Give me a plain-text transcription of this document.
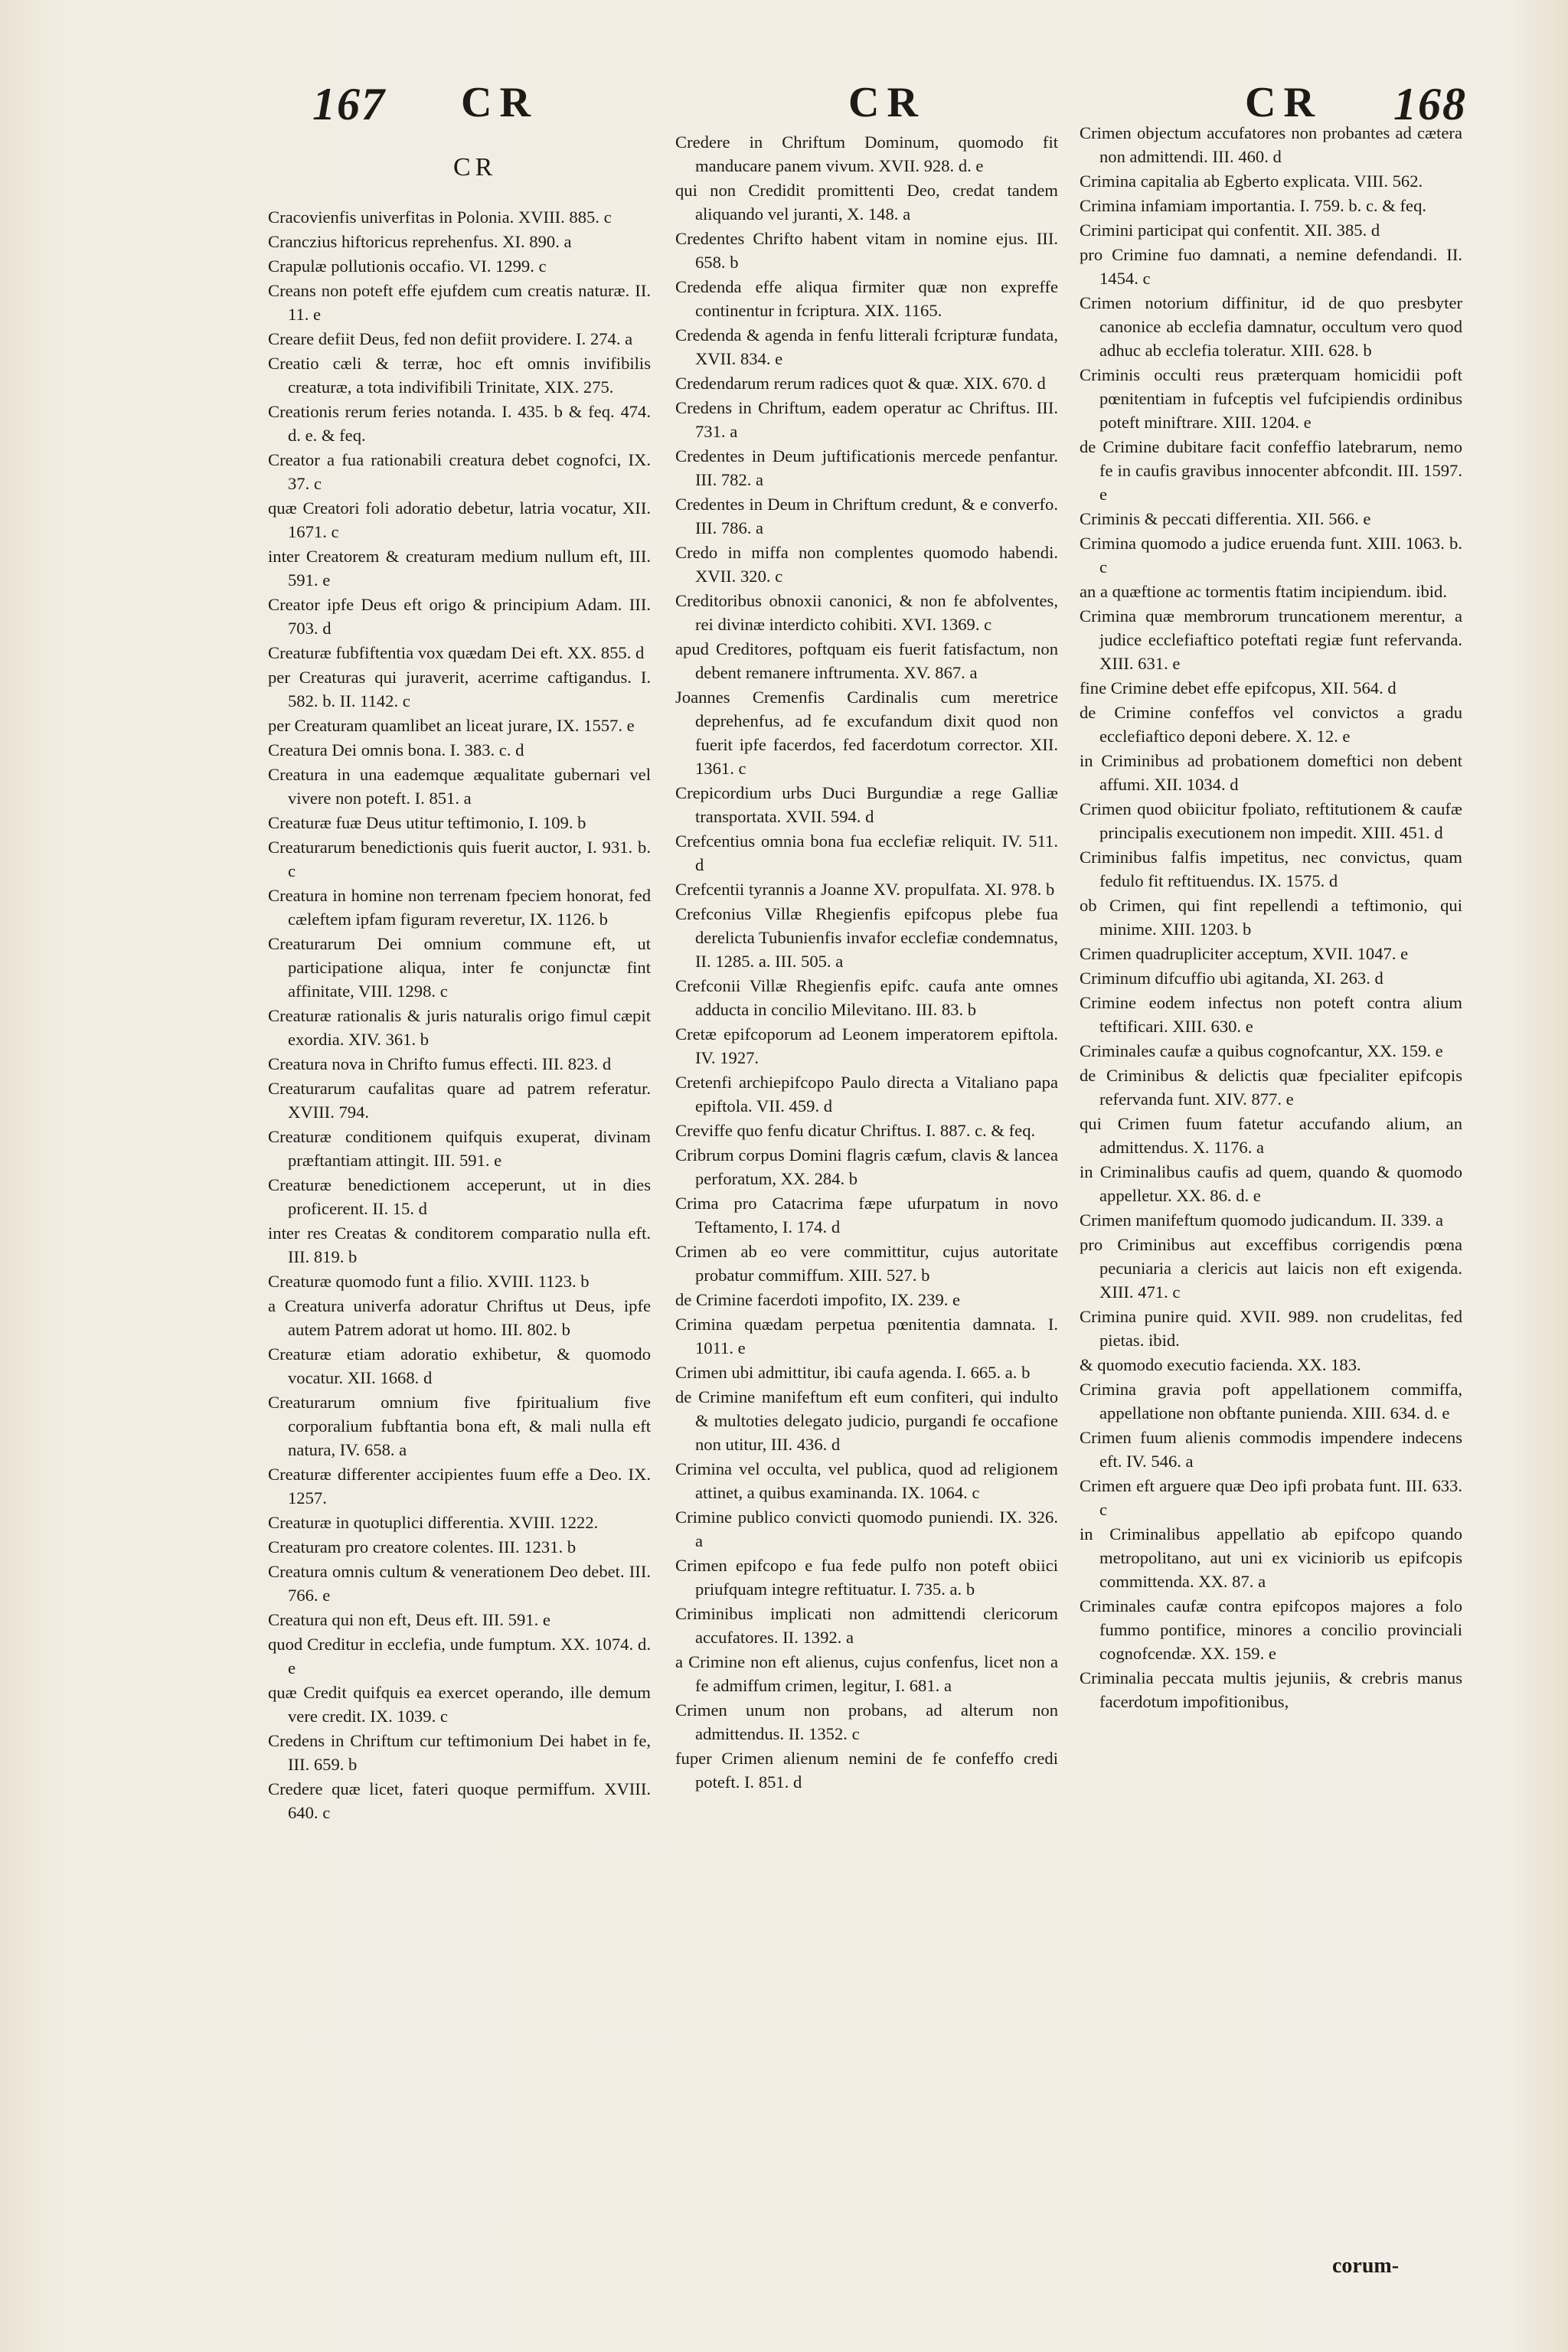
167 CR	CR	CR 168
CR

Cracovienfis univerfitas in Polonia. XVIII. 885. c

Cranczius hiftoricus reprehenfus. XI. 890. a

Crapulæ pollutionis occafio. VI. 1299. c

Creans non poteft effe ejufdem cum creatis naturæ. II. 11. e

Creare defiit Deus, fed non defiit providere. I. 274. a

Creatio cæli & terræ, hoc eft omnis invifibilis creaturæ, a tota indivifibili Trinitate, XIX. 275.

Creationis rerum feries notanda. I. 435. b & feq. 474. d. e. & feq.

Creator a fua rationabili creatura debet cognofci, IX. 37. c

quæ Creatori foli adoratio debetur, latria vocatur, XII. 1671. c

inter Creatorem & creaturam medium nullum eft, III. 591. e

Creator ipfe Deus eft origo & principium Adam. III. 703. d

Creaturæ fubfiftentia vox quædam Dei eft. XX. 855. d

per Creaturas qui juraverit, acerrime caftigandus. I. 582. b. II. 1142. c

per Creaturam quamlibet an liceat jurare, IX. 1557. e

Creatura Dei omnis bona. I. 383. c. d

Creatura in una eademque æqualitate gubernari vel vivere non poteft. I. 851. a

Creaturæ fuæ Deus utitur teftimonio, I. 109. b

Creaturarum benedictionis quis fuerit auctor, I. 931. b. c

Creatura in homine non terrenam fpeciem honorat, fed cæleftem ipfam figuram reveretur, IX. 1126. b

Creaturarum Dei omnium commune eft, ut participatione aliqua, inter fe conjunctæ fint affinitate, VIII. 1298. c

Creaturæ rationalis & juris naturalis origo fimul cæpit exordia. XIV. 361. b

Creatura nova in Chrifto fumus effecti. III. 823. d

Creaturarum caufalitas quare ad patrem referatur. XVIII. 794.

Creaturæ conditionem quifquis exuperat, divinam præftantiam attingit. III. 591. e

Creaturæ benedictionem acceperunt, ut in dies proficerent. II. 15. d

inter res Creatas & conditorem comparatio nulla eft. III. 819. b

Creaturæ quomodo funt a filio. XVIII. 1123. b

a Creatura univerfa adoratur Chriftus ut Deus, ipfe autem Patrem adorat ut homo. III. 802. b

Creaturæ etiam adoratio exhibetur, & quomodo vocatur. XII. 1668. d

Creaturarum omnium five fpiritualium five corporalium fubftantia bona eft, & mali nulla eft natura, IV. 658. a

Creaturæ differenter accipientes fuum effe a Deo. IX. 1257.

Creaturæ in quotuplici differentia. XVIII. 1222.

Creaturam pro creatore colentes. III. 1231. b

Creatura omnis cultum & venerationem Deo debet. III. 766. e

Creatura qui non eft, Deus eft. III. 591. e

quod Creditur in ecclefia, unde fumptum. XX. 1074. d. e

quæ Credit quifquis ea exercet operando, ille demum vere credit. IX. 1039. c

Credens in Chriftum cur teftimonium Dei habet in fe, III. 659. b

Credere quæ licet, fateri quoque permiffum. XVIII. 640. c

Credere in Chriftum Dominum, quomodo fit manducare panem vivum. XVII. 928. d. e

qui non Credidit promittenti Deo, credat tandem aliquando vel juranti, X. 148. a

Credentes Chrifto habent vitam in nomine ejus. III. 658. b

Credenda effe aliqua firmiter quæ non expreffe continentur in fcriptura. XIX. 1165.

Credenda & agenda in fenfu litterali fcripturæ fundata, XVII. 834. e

Credendarum rerum radices quot & quæ. XIX. 670. d

Credens in Chriftum, eadem operatur ac Chriftus. III. 731. a

Credentes in Deum juftificationis mercede penfantur. III. 782. a

Credentes in Deum in Chriftum credunt, & e converfo. III. 786. a

Credo in miffa non complentes quomodo habendi. XVII. 320. c

Creditoribus obnoxii canonici, & non fe abfolventes, rei divinæ interdicto cohibiti. XVI. 1369. c

apud Creditores, poftquam eis fuerit fatisfactum, non debent remanere inftrumenta. XV. 867. a

Joannes Cremenfis Cardinalis cum meretrice deprehenfus, ad fe excufandum dixit quod non fuerit ipfe facerdos, fed facerdotum corrector. XII. 1361. c

Crepicordium urbs Duci Burgundiæ a rege Galliæ transportata. XVII. 594. d

Crefcentius omnia bona fua ecclefiæ reliquit. IV. 511. d

Crefcentii tyrannis a Joanne XV. propulfata. XI. 978. b

Crefconius Villæ Rhegienfis epifcopus plebe fua derelicta Tubunienfis invafor ecclefiæ condemnatus, II. 1285. a. III. 505. a

Crefconii Villæ Rhegienfis epifc. caufa ante omnes adducta in concilio Milevitano. III. 83. b

Cretæ epifcoporum ad Leonem imperatorem epiftola. IV. 1927.

Cretenfi archiepifcopo Paulo directa a Vitaliano papa epiftola. VII. 459. d

Creviffe quo fenfu dicatur Chriftus. I. 887. c. & feq.

Cribrum corpus Domini flagris cæfum, clavis & lancea perforatum, XX. 284. b

Crima pro Catacrima fæpe ufurpatum in novo Teftamento, I. 174. d

Crimen ab eo vere committitur, cujus autoritate probatur commiffum. XIII. 527. b

de Crimine facerdoti impofito, IX. 239. e

Crimina quædam perpetua pœnitentia damnata. I. 1011. e

Crimen ubi admittitur, ibi caufa agenda. I. 665. a. b

de Crimine manifeftum eft eum confiteri, qui indulto & multoties delegato judicio, purgandi fe occafione non utitur, III. 436. d

Crimina vel occulta, vel publica, quod ad religionem attinet, a quibus examinanda. IX. 1064. c

Crimine publico convicti quomodo puniendi. IX. 326. a

Crimen epifcopo e fua fede pulfo non poteft obiici priufquam integre reftituatur. I. 735. a. b

Criminibus implicati non admittendi clericorum accufatores. II. 1392. a

a Crimine non eft alienus, cujus confenfus, licet non a fe admiffum crimen, legitur, I. 681. a

Crimen unum non probans, ad alterum non admittendus. II. 1352. c

fuper Crimen alienum nemini de fe confeffo credi poteft. I. 851. d

Crimen objectum accufatores non probantes ad cætera non admittendi. III. 460. d

Crimina capitalia ab Egberto explicata. VIII. 562.

Crimina infamiam importantia. I. 759. b. c. & feq.

Crimini participat qui confentit. XII. 385. d

pro Crimine fuo damnati, a nemine defendandi. II. 1454. c

Crimen notorium diffinitur, id de quo presbyter canonice ab ecclefia damnatur, occultum vero quod adhuc ab ecclefia toleratur. XIII. 628. b

Criminis occulti reus præterquam homicidii poft pœnitentiam in fufceptis vel fufcipiendis ordinibus poteft miniftrare. XIII. 1204. e

de Crimine dubitare facit confeffio latebrarum, nemo fe in caufis gravibus innocenter abfcondit. III. 1597. e

Criminis & peccati differentia. XII. 566. e

Crimina quomodo a judice eruenda funt. XIII. 1063. b. c

an a quæftione ac tormentis ftatim incipiendum. ibid.

Crimina quæ membrorum truncationem merentur, a judice ecclefiaftico poteftati regiæ funt refervanda. XIII. 631. e

fine Crimine debet effe epifcopus, XII. 564. d

de Crimine confeffos vel convictos a gradu ecclefiaftico deponi debere. X. 12. e

in Criminibus ad probationem domeftici non debent affumi. XII. 1034. d

Crimen quod obiicitur fpoliato, reftitutionem & caufæ principalis executionem non impedit. XIII. 451. d

Criminibus falfis impetitus, nec convictus, quam fedulo fit reftituendus. IX. 1575. d

ob Crimen, qui fint repellendi a teftimonio, qui minime. XIII. 1203. b

Crimen quadrupliciter acceptum, XVII. 1047. e

Criminum difcuffio ubi agitanda, XI. 263. d

Crimine eodem infectus non poteft contra alium teftificari. XIII. 630. e

Criminales caufæ a quibus cognofcantur, XX. 159. e

de Criminibus & delictis quæ fpecialiter epifcopis refervanda funt. XIV. 877. e

qui Crimen fuum fatetur accufando alium, an admittendus. X. 1176. a

in Criminalibus caufis ad quem, quando & quomodo appelletur. XX. 86. d. e

Crimen manifeftum quomodo judicandum. II. 339. a

pro Criminibus aut exceffibus corrigendis pœna pecuniaria a clericis aut laicis non eft exigenda. XIII. 471. c

Crimina punire quid. XVII. 989. non crudelitas, fed pietas. ibid.

& quomodo executio facienda. XX. 183.

Crimina gravia poft appellationem commiffa, appellatione non obftante punienda. XIII. 634. d. e

Crimen fuum alienis commodis impendere indecens eft. IV. 546. a

Crimen eft arguere quæ Deo ipfi probata funt. III. 633. c

in Criminalibus appellatio ab epifcopo quando metropolitano, aut uni ex viciniorib us epifcopis committenda. XX. 87. a

Criminales caufæ contra epifcopos majores a folo fummo pontifice, minores a concilio provinciali cognofcendæ. XX. 159. e

Criminalia peccata multis jejuniis, & crebris manus facerdotum impofitionibus,

corum-
